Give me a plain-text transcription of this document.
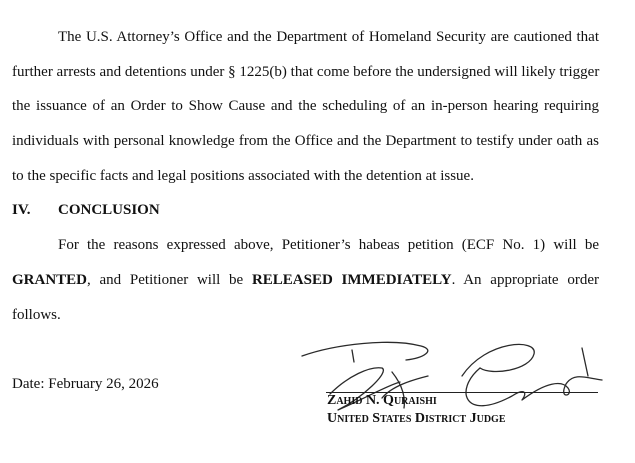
The U.S. Attorney’s Office and the Department of Homeland Security are cautioned that
further arrests and detentions under § 1225(b) that come before the undersigned will likely trigger
the issuance of an Order to Show Cause and the scheduling of an in-person hearing requiring
individuals with personal knowledge from the Office and the Department to testify under oath as
to the specific facts and legal positions associated with the detention at issue.
IV. CONCLUSION
For the reasons expressed above, Petitioner’s habeas petition (ECF No. 1) will be
GRANTED, and Petitioner will be RELEASED IMMEDIATELY. An appropriate order
follows.
Date: February 26, 2026
Zahid N. Quraishi
United States District Judge
